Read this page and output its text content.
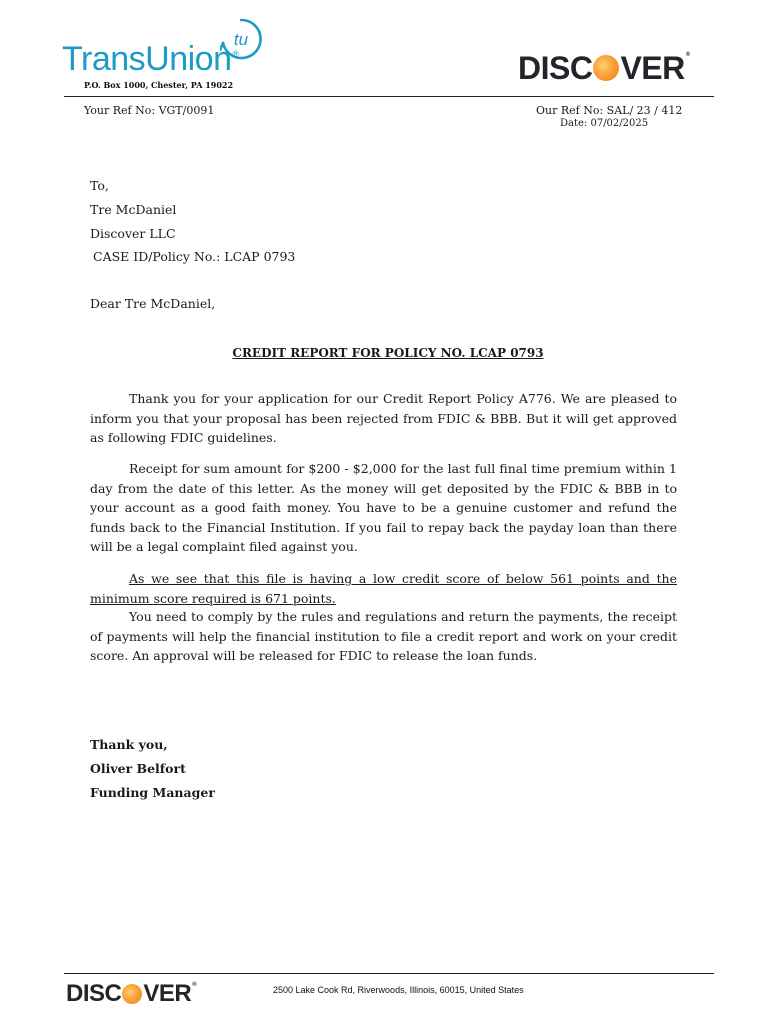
TransUnion®
tu
P.O. Box 1000, Chester, PA 19022	DISC VER ®
Your Ref No: VGT/0091	Our Ref No: SAL/ 23 / 412
Date: 07/02/2025
To,
Tre McDaniel
Discover LLC
CASE ID/Policy No.: LCAP 0793
Dear Tre McDaniel,
CREDIT REPORT FOR POLICY NO. LCAP 0793

Thank you for your application for our Credit Report Policy A776. We are pleased to inform you that your proposal has been rejected from FDIC & BBB. But it will get approved as following FDIC guidelines.

Receipt for sum amount for $200 - $2,000 for the last full final time premium within 1 day from the date of this letter. As the money will get deposited by the FDIC & BBB in to your account as a good faith money. You have to be a genuine customer and refund the funds back to the Financial Institution. If you fail to repay back the payday loan than there will be a legal complaint filed against you.

As we see that this file is having a low credit score of below 561 points and the minimum score required is 671 points.

You need to comply by the rules and regulations and return the payments, the receipt of payments will help the financial institution to file a credit report and work on your credit score. An approval will be released for FDIC to release the loan funds.

Thank you,
Oliver Belfort
Funding Manager
DISC VER ®	2500 Lake Cook Rd, Riverwoods, Illinois, 60015, United States
